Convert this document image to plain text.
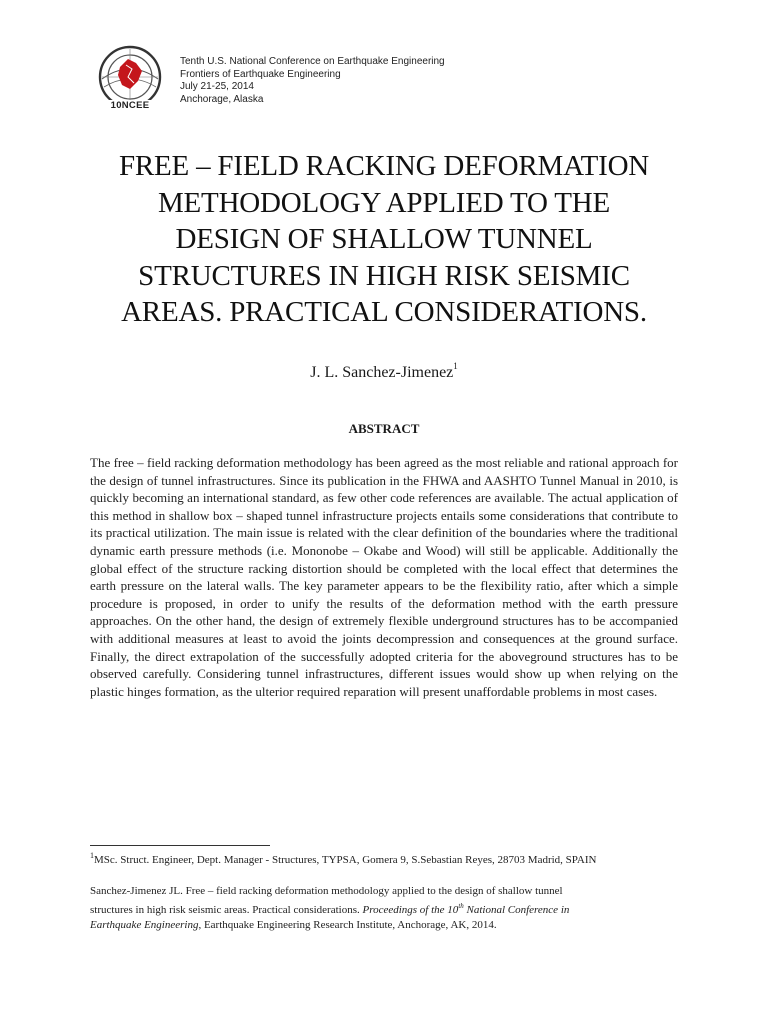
10NCEE
Tenth U.S. National Conference on Earthquake Engineering
Frontiers of Earthquake Engineering
July 21-25, 2014
Anchorage, Alaska
FREE – FIELD RACKING DEFORMATION
METHODOLOGY APPLIED TO THE
DESIGN OF SHALLOW TUNNEL
STRUCTURES IN HIGH RISK SEISMIC
AREAS. PRACTICAL CONSIDERATIONS.
J. L. Sanchez-Jimenez$^1$
ABSTRACT
The free – field racking deformation methodology has been agreed as the most reliable and rational approach for the design of tunnel infrastructures. Since its publication in the FHWA and AASHTO Tunnel Manual in 2010, is quickly becoming an international standard, as few other code references are available. The actual application of this method in shallow box – shaped tunnel infrastructure projects entails some considerations that contribute to its practical utilization. The main issue is related with the clear definition of the boundaries where the traditional dynamic earth pressure methods (i.e. Mononobe – Okabe and Wood) will still be applicable. Additionally the global effect of the structure racking distortion should be completed with the local effect that determines the earth pressure on the lateral walls. The key parameter appears to be the flexibility ratio, after which a simple procedure is proposed, in order to unify the results of the deformation method with the earth pressure approaches. On the other hand, the design of extremely flexible underground structures has to be accompanied with additional measures at least to avoid the joints decompression and consequences at the ground surface. Finally, the direct extrapolation of the successfully adopted criteria for the aboveground structures has to be observed carefully. Considering tunnel infrastructures, different issues would show up when relying on the plastic hinges formation, as the ulterior required reparation will present unaffordable problems in most cases.
$^1$MSc. Struct. Engineer, Dept. Manager - Structures, TYPSA, Gomera 9, S.Sebastian Reyes, 28703 Madrid, SPAIN
Sanchez-Jimenez JL. Free – field racking deformation methodology applied to the design of shallow tunnel
structures in high risk seismic areas. Practical considerations. Proceedings of the 10th National Conference in
Earthquake Engineering, Earthquake Engineering Research Institute, Anchorage, AK, 2014.
